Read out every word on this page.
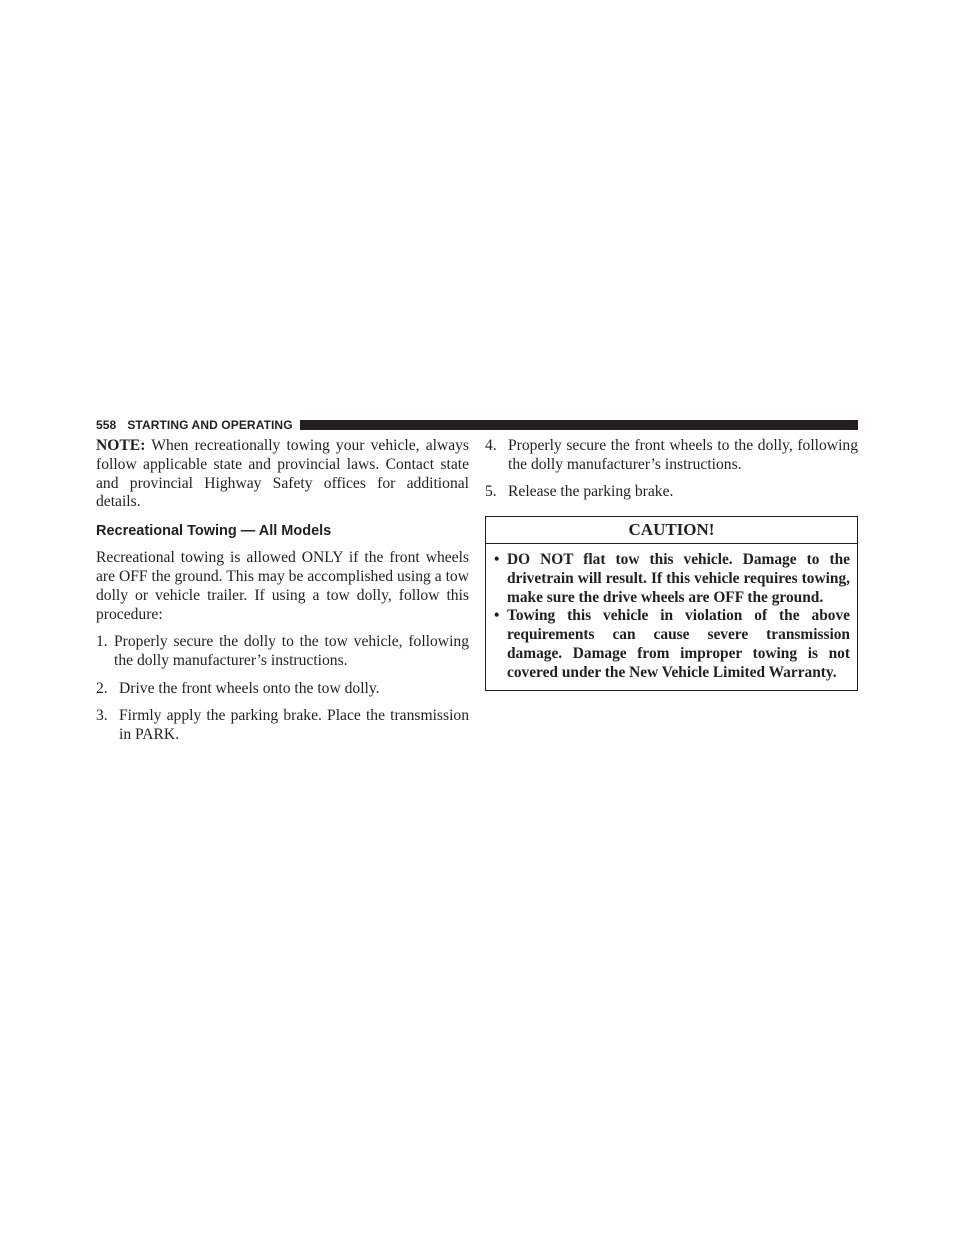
558 STARTING AND OPERATING

NOTE: When recreationally towing your vehicle, always follow applicable state and provincial laws. Contact state and provincial Highway Safety offices for additional details.

Recreational Towing — All Models

Recreational towing is allowed ONLY if the front wheels are OFF the ground. This may be accomplished using a tow dolly or vehicle trailer. If using a tow dolly, follow this procedure:

1. Properly secure the dolly to the tow vehicle, following the dolly manufacturer’s instructions.
2. Drive the front wheels onto the tow dolly.
3. Firmly apply the parking brake. Place the transmission in PARK.
4. Properly secure the front wheels to the dolly, following the dolly manufacturer’s instructions.
5. Release the parking brake.
CAUTION!
• DO NOT flat tow this vehicle. Damage to the drivetrain will result. If this vehicle requires towing, make sure the drive wheels are OFF the ground.
• Towing this vehicle in violation of the above requirements can cause severe transmission damage. Damage from improper towing is not covered under the New Vehicle Limited Warranty.
